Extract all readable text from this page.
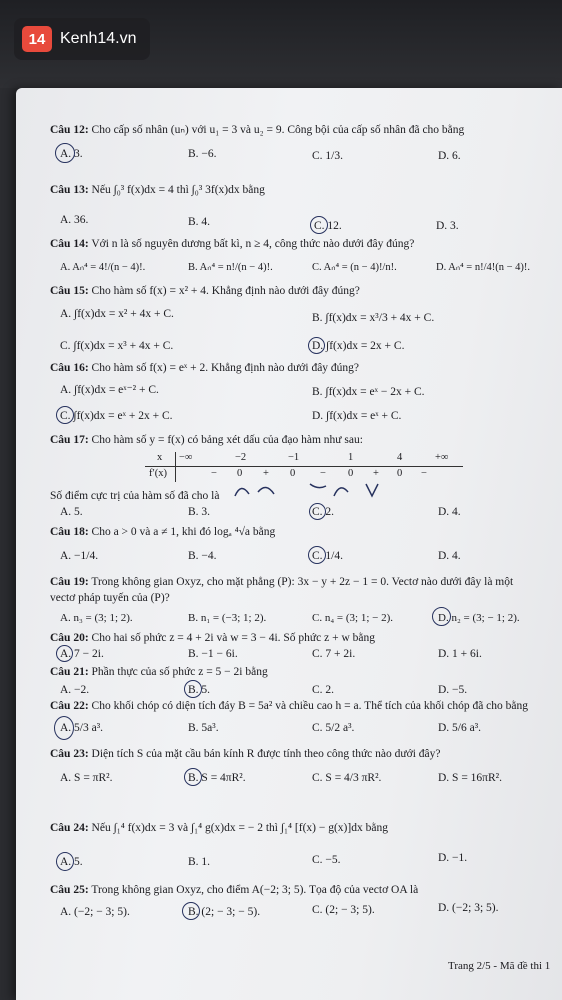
14 Kenh14.vn
Câu 12: Cho cấp số nhân (uₙ) với u₁ = 3 và u₂ = 9. Công bội của cấp số nhân đã cho bằng
A. 3.	B. −6.	C. 1/3.	D. 6.
Câu 13: Nếu ∫₀³ f(x)dx = 4 thì ∫₀³ 3f(x)dx bằng
A. 36.	B. 4.	C. 12.	D. 3.
Câu 14: Với n là số nguyên dương bất kì, n ≥ 4, công thức nào dưới đây đúng?
A. Aₙ⁴ = 4!/(n − 4)!.	B. Aₙ⁴ = n!/(n − 4)!.	C. Aₙ⁴ = (n − 4)!/n!.	D. Aₙ⁴ = n!/4!(n − 4)!.
Câu 15: Cho hàm số f(x) = x² + 4. Khẳng định nào dưới đây đúng?
A. ∫f(x)dx = x² + 4x + C.	B. ∫f(x)dx = x³/3 + 4x + C.
C. ∫f(x)dx = x³ + 4x + C.	D. ∫f(x)dx = 2x + C.
Câu 16: Cho hàm số f(x) = eˣ + 2. Khẳng định nào dưới đây đúng?
A. ∫f(x)dx = eˣ⁻² + C.	B. ∫f(x)dx = eˣ − 2x + C.
C. ∫f(x)dx = eˣ + 2x + C.	D. ∫f(x)dx = eˣ + C.
Câu 17: Cho hàm số y = f(x) có bảng xét dấu của đạo hàm như sau:
x −∞	−2	−1	1	4	+∞
f′(x)	− 0 + 0 − 0 + 0 −
Số điểm cực trị của hàm số đã cho là
A. 5.	B. 3.	C. 2.	D. 4.
Câu 18: Cho a > 0 và a ≠ 1, khi đó logₐ ⁴√a bằng
A. −1/4.	B. −4.	C. 1/4.	D. 4.
Câu 19: Trong không gian Oxyz, cho mặt phẳng (P): 3x − y + 2z − 1 = 0. Vectơ nào dưới đây là một
vectơ pháp tuyến của (P)?
A. n₃ = (3; 1; 2).	B. n₁ = (−3; 1; 2).	C. n₄ = (3; 1; − 2).	D. n₂ = (3; − 1; 2).
Câu 20: Cho hai số phức z = 4 + 2i và w = 3 − 4i. Số phức z + w bằng
A. 7 − 2i.	B. −1 − 6i.	C. 7 + 2i.	D. 1 + 6i.
Câu 21: Phần thực của số phức z = 5 − 2i bằng
A. −2.	B. 5.	C. 2.	D. −5.
Câu 22: Cho khối chóp có diện tích đáy B = 5a² và chiều cao h = a. Thể tích của khối chóp đã cho bằng
A. 5/3 a³.	B. 5a³.	C. 5/2 a³.	D. 5/6 a³.
Câu 23: Diện tích S của mặt cầu bán kính R được tính theo công thức nào dưới đây?
A. S = πR².	B. S = 4πR².	C. S = 4/3 πR².	D. S = 16πR².
Câu 24: Nếu ∫₁⁴ f(x)dx = 3 và ∫₁⁴ g(x)dx = − 2 thì ∫₁⁴ [f(x) − g(x)]dx bằng
A. 5.	B. 1.	C. −5.	D. −1.
Câu 25: Trong không gian Oxyz, cho điểm A(−2; 3; 5). Tọa độ của vectơ OA là
A. (−2; − 3; 5).	B. (2; − 3; − 5).	C. (2; − 3; 5).	D. (−2; 3; 5).
Trang 2/5 - Mã đề thi 1
